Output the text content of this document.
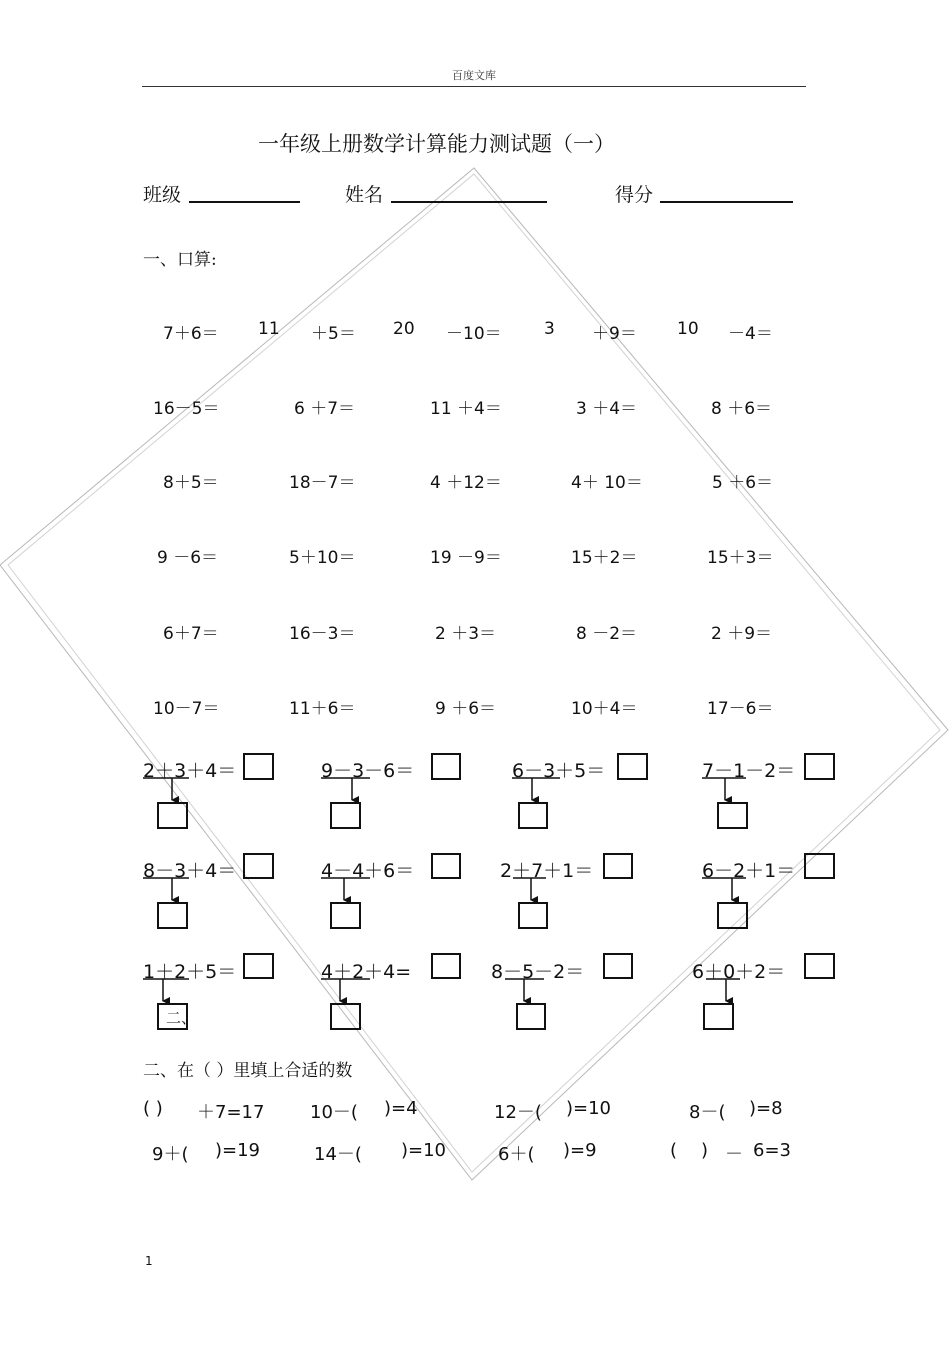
百度文库
一年级上册数学计算能力测试题（一）
班级	姓名	得分
一、口算:
7＋6＝ 11 ＋5＝ 20 －10＝ 3 ＋9＝ 10 －4＝
16－5＝	6 ＋7＝	11 ＋4＝	3 ＋4＝	8 ＋6＝
8＋5＝	18－7＝	4 ＋12＝	4＋ 10＝	5 ＋6＝
9 －6＝	5＋10＝	19 －9＝	15＋2＝	15＋3＝
6＋7＝	16－3＝	2 ＋3＝	8 －2＝	2 ＋9＝
10－7＝	11＋6＝	9 ＋6＝	10＋4＝	17－6＝
2＋3＋4＝	9－3－6＝	6－3＋5＝	7－1－2＝
8－3＋4＝	4－4＋6＝	2＋7＋1＝	6－2＋1＝
1＋2＋5＝	4＋2＋4=	8－5－2＝	6＋0＋2＝
二、
二、在（ ）里填上合适的数
( ) ＋7=17	10－( )=4	12－( )=10	8－( )=8
9＋( )=19	14－( )=10	6＋( )=9	( ) － 6=3
1
